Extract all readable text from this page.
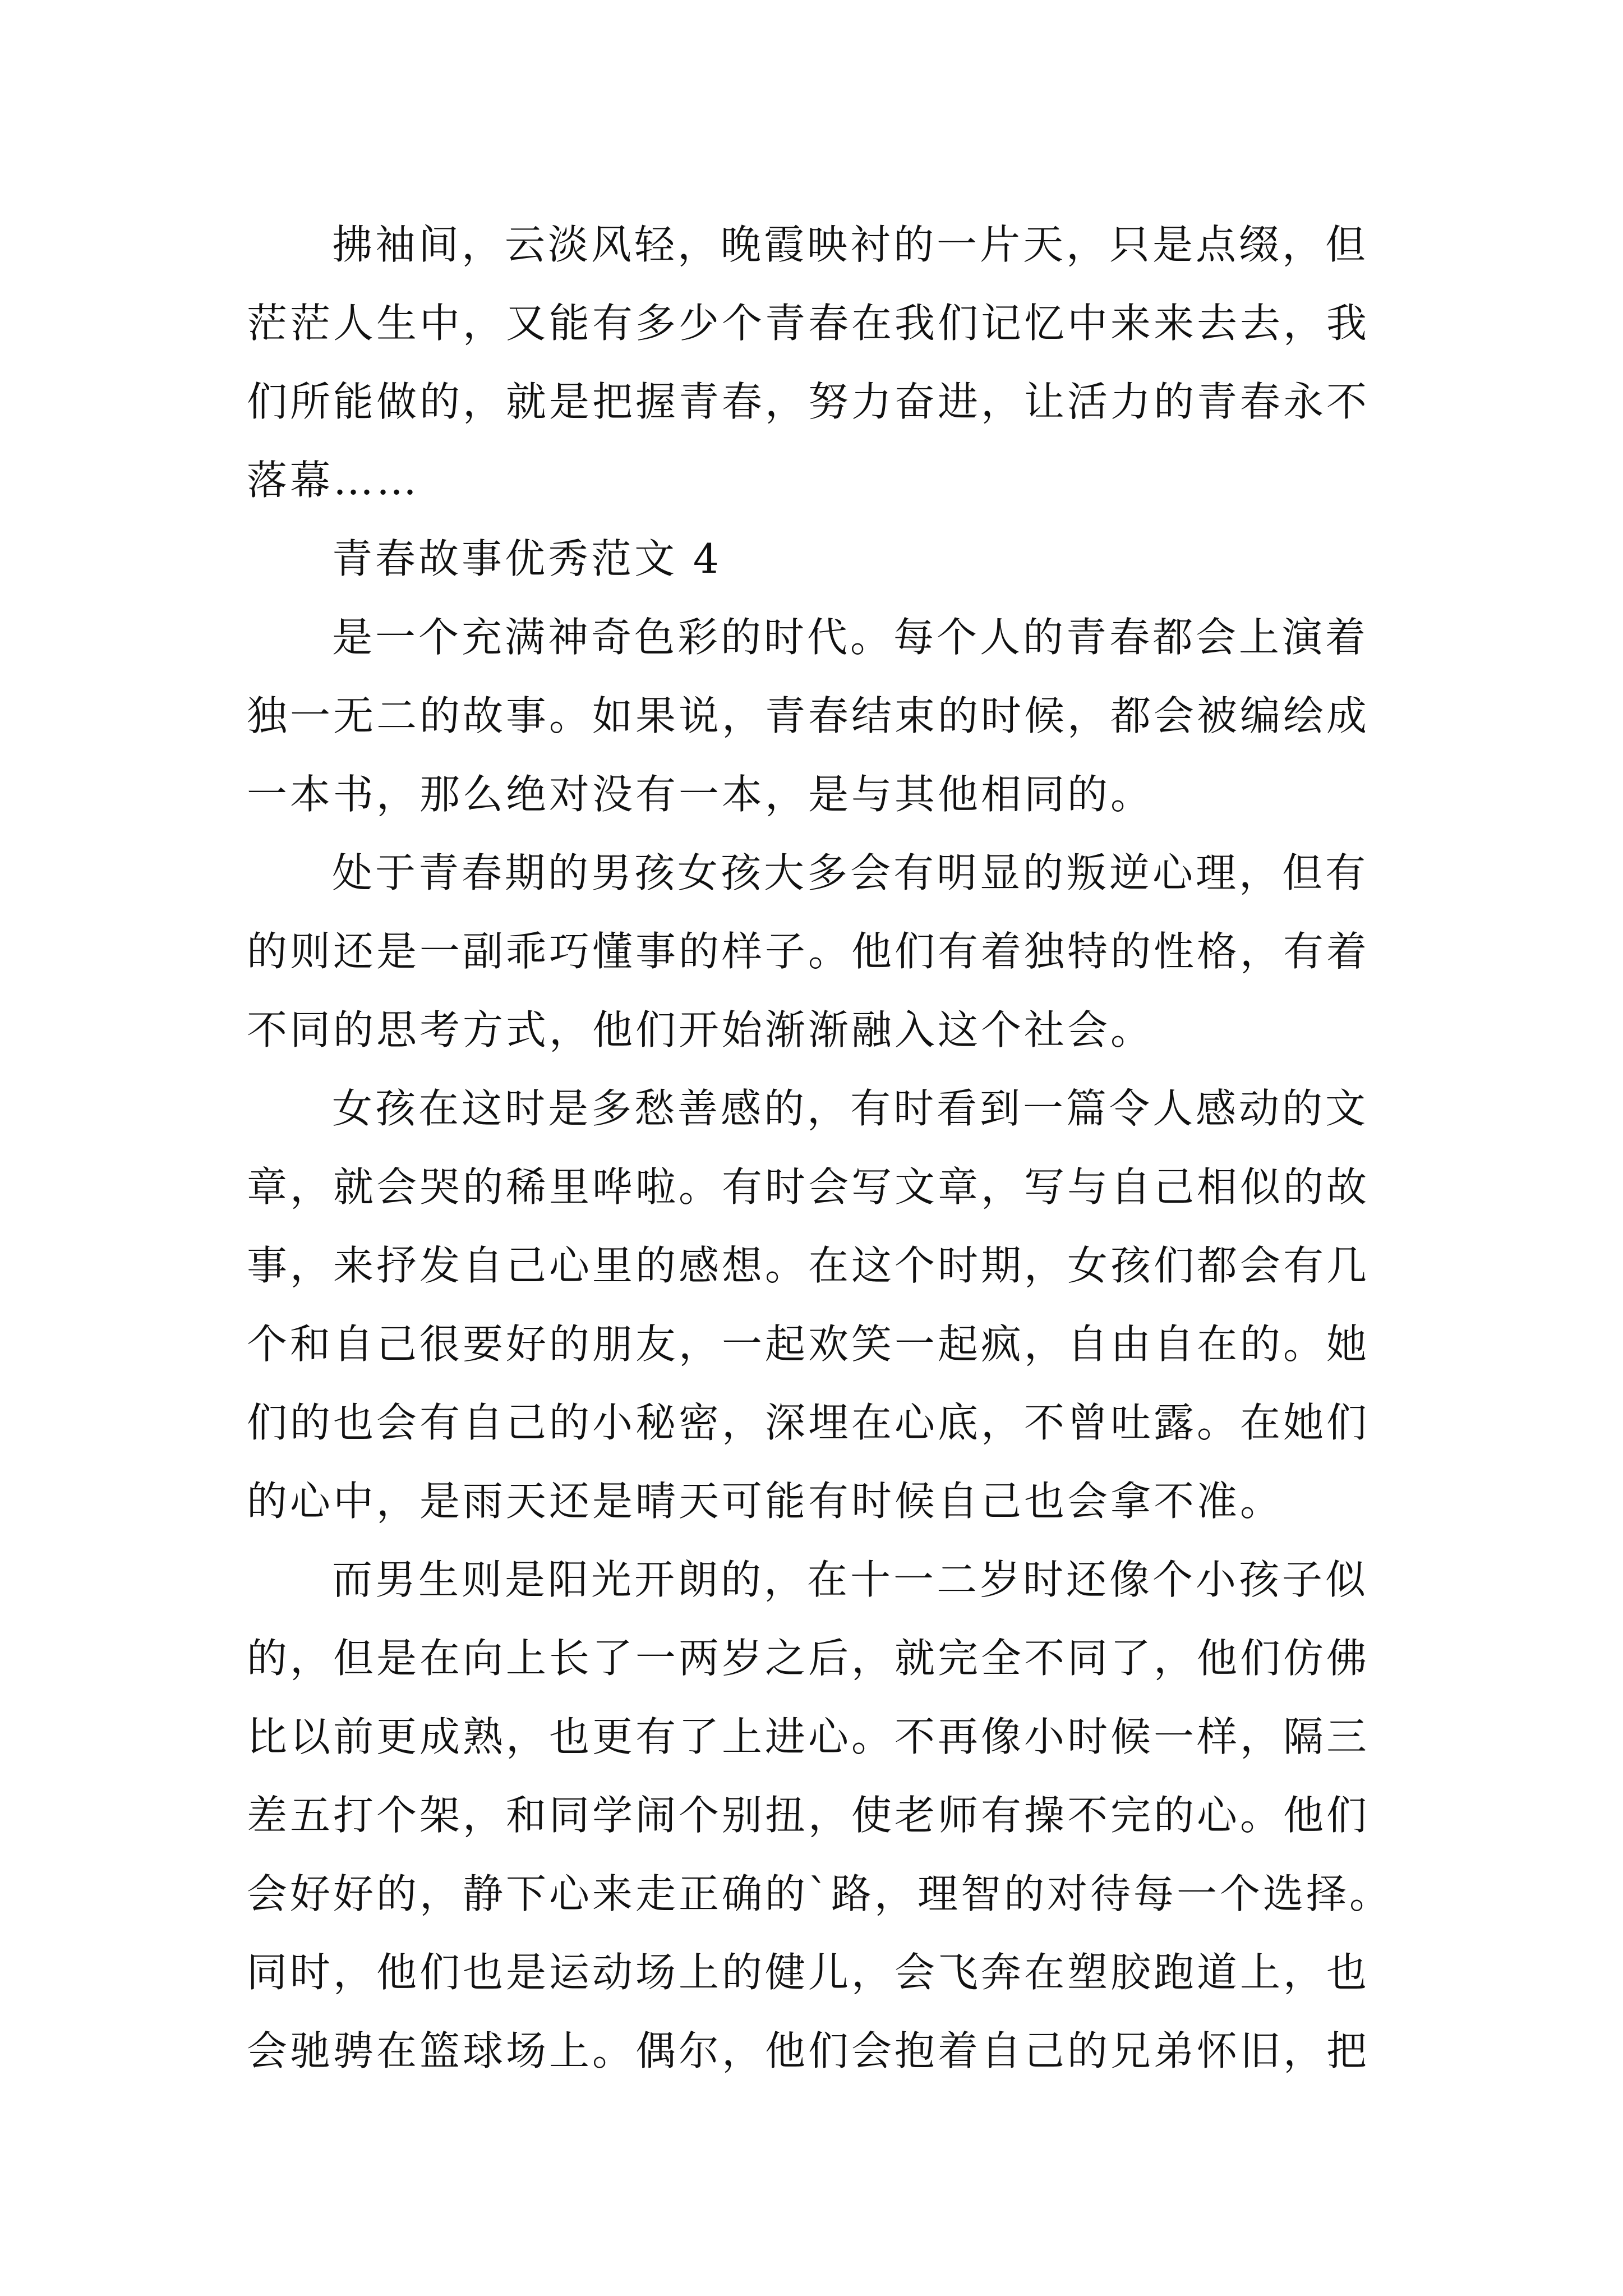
拂袖间，云淡风轻，晚霞映衬的一片天，只是点缀，但
茫茫人生中，又能有多少个青春在我们记忆中来来去去，我
们所能做的，就是把握青春，努力奋进，让活力的青春永不
落幕……
青春故事优秀范文 4
是一个充满神奇色彩的时代。每个人的青春都会上演着
独一无二的故事。如果说，青春结束的时候，都会被编绘成
一本书，那么绝对没有一本，是与其他相同的。
处于青春期的男孩女孩大多会有明显的叛逆心理，但有
的则还是一副乖巧懂事的样子。他们有着独特的性格，有着
不同的思考方式，他们开始渐渐融入这个社会。
女孩在这时是多愁善感的，有时看到一篇令人感动的文
章，就会哭的稀里哗啦。有时会写文章，写与自己相似的故
事，来抒发自己心里的感想。在这个时期，女孩们都会有几
个和自己很要好的朋友，一起欢笑一起疯，自由自在的。她
们的也会有自己的小秘密，深埋在心底，不曾吐露。在她们
的心中，是雨天还是晴天可能有时候自己也会拿不准。
而男生则是阳光开朗的，在十一二岁时还像个小孩子似
的，但是在向上长了一两岁之后，就完全不同了，他们仿佛
比以前更成熟，也更有了上进心。不再像小时候一样，隔三
差五打个架，和同学闹个别扭，使老师有操不完的心。他们
会好好的，静下心来走正确的`路，理智的对待每一个选择。
同时，他们也是运动场上的健儿，会飞奔在塑胶跑道上，也
会驰骋在篮球场上。偶尔，他们会抱着自己的兄弟怀旧，把
